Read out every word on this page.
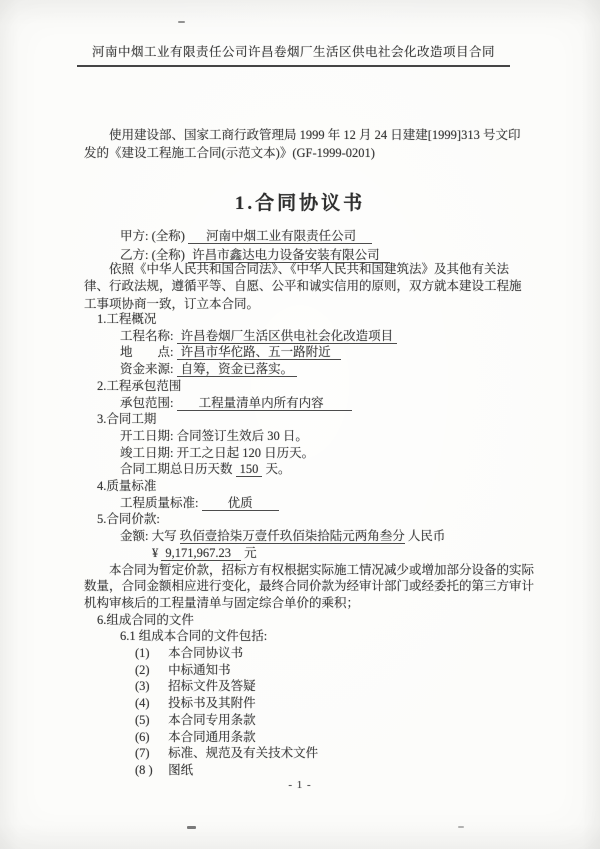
河南中烟工业有限责任公司许昌卷烟厂生活区供电社会化改造项目合同
使用建设部、国家工商行政管理局 1999 年 12 月 24 日建建[1999]313 号文印发的《建设工程施工合同(示范文本)》(GF-1999-0201)
1.合同协议书
甲方: (全称) 河南中烟工业有限责任公司
乙方: (全称) 许昌市鑫达电力设备安装有限公司
依照《中华人民共和国合同法》、《中华人民共和国建筑法》及其他有关法律、行政法规，遵循平等、自愿、公平和诚实信用的原则，双方就本建设工程施工事项协商一致，订立本合同。
1.工程概况
工程名称: 许昌卷烟厂生活区供电社会化改造项目
地　　点: 许昌市华佗路、五一路附近
资金来源: 自筹，资金已落实。
2.工程承包范围
承包范围: 工程量清单内所有内容
3.合同工期
开工日期: 合同签订生效后 30 日。
竣工日期: 开工之日起 120 日历天。
合同工期总日历天数 150 天。
4.质量标准
工程质量标准: 优质
5.合同价款:
金额: 大写 玖佰壹拾柒万壹仟玖佰柒拾陆元两角叁分 人民币
¥ 9,171,967.23 元
本合同为暂定价款，招标方有权根据实际施工情况减少或增加部分设备的实际数量，合同金额相应进行变化，最终合同价款为经审计部门或经委托的第三方审计机构审核后的工程量清单与固定综合单价的乘积；
6.组成合同的文件
6.1 组成本合同的文件包括:
(1) 本合同协议书
(2) 中标通知书
(3) 招标文件及答疑
(4) 投标书及其附件
(5) 本合同专用条款
(6) 本合同通用条款
(7) 标准、规范及有关技术文件
(8 ) 图纸
- 1 -
